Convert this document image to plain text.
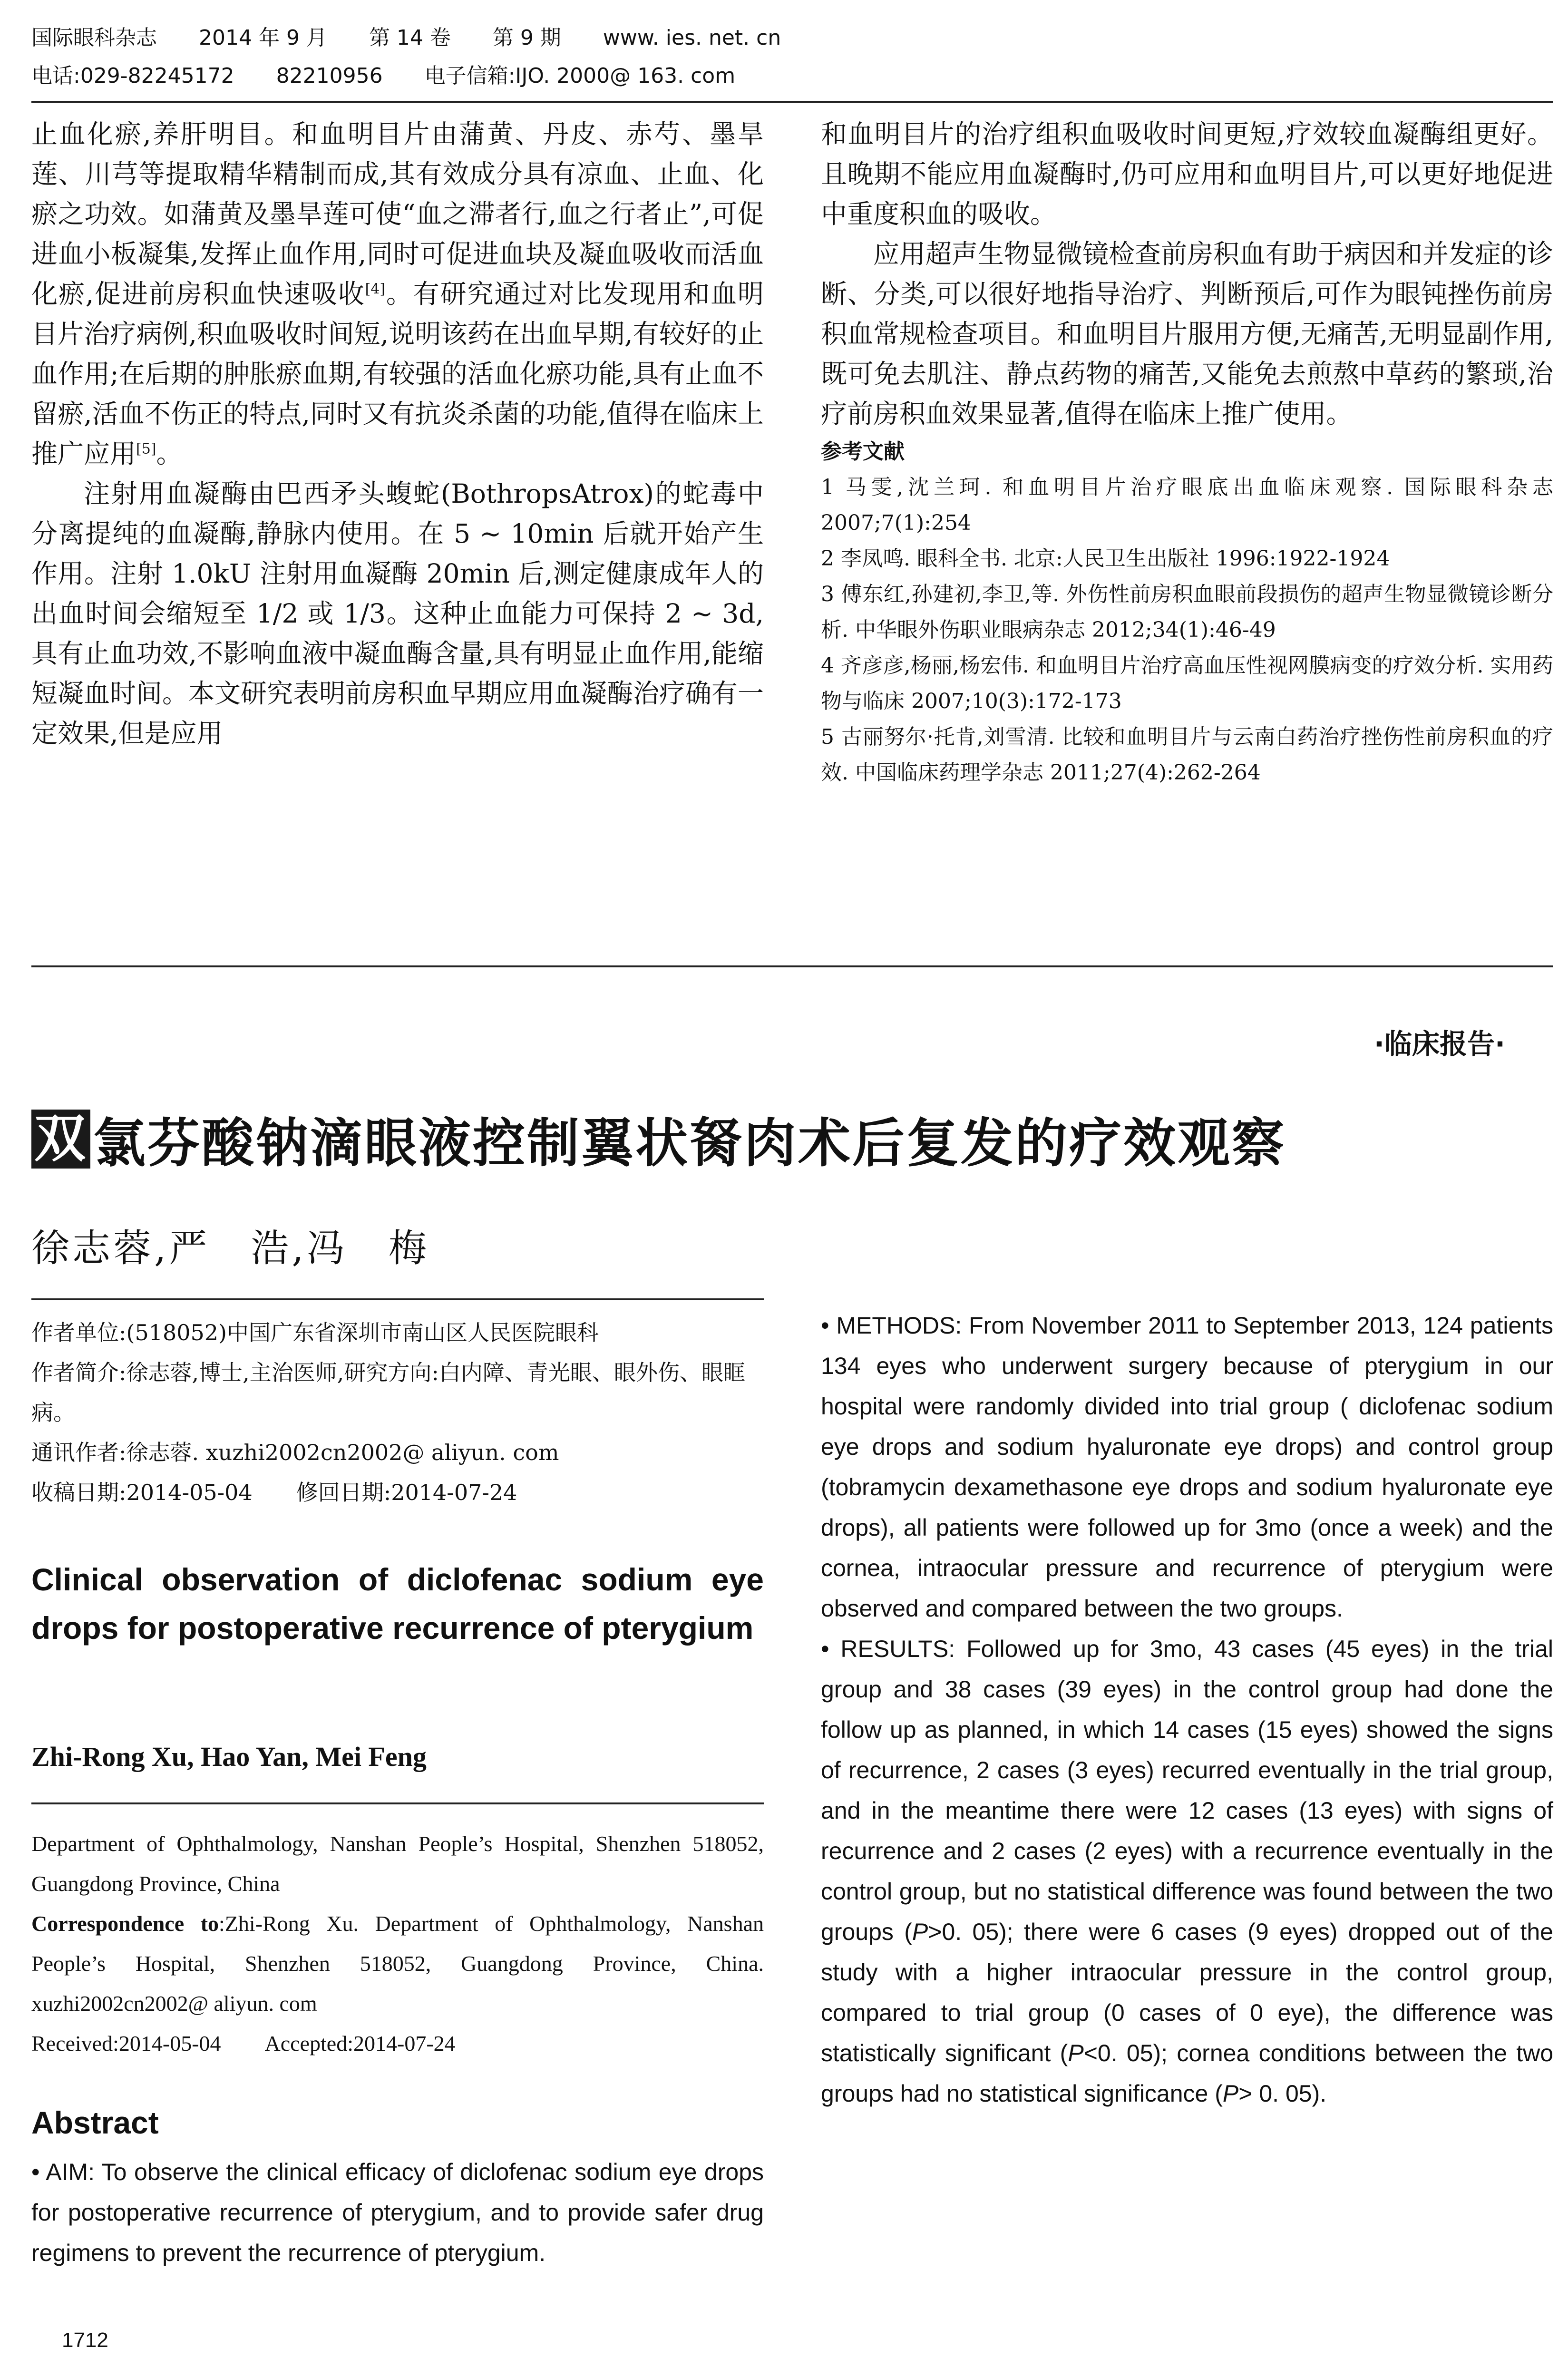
国际眼科杂志 2014 年 9 月 第 14 卷 第 9 期 www. ies. net. cn
电话:029-82245172 82210956 电子信箱:IJO. 2000@ 163. com

止血化瘀,养肝明目。和血明目片由蒲黄、丹皮、赤芍、墨旱莲、川芎等提取精华精制而成,其有效成分具有凉血、止血、化瘀之功效。如蒲黄及墨旱莲可使“血之滞者行,血之行者止”,可促进血小板凝集,发挥止血作用,同时可促进血块及凝血吸收而活血化瘀,促进前房积血快速吸收[4]。有研究通过对比发现用和血明目片治疗病例,积血吸收时间短,说明该药在出血早期,有较好的止血作用;在后期的肿胀瘀血期,有较强的活血化瘀功能,具有止血不留瘀,活血不伤正的特点,同时又有抗炎杀菌的功能,值得在临床上推广应用[5]。

注射用血凝酶由巴西矛头蝮蛇(BothropsAtrox)的蛇毒中分离提纯的血凝酶,静脉内使用。在 5 ~ 10min 后就开始产生作用。注射 1.0kU 注射用血凝酶 20min 后,测定健康成年人的出血时间会缩短至 1/2 或 1/3。这种止血能力可保持 2 ~ 3d,具有止血功效,不影响血液中凝血酶含量,具有明显止血作用,能缩短凝血时间。本文研究表明前房积血早期应用血凝酶治疗确有一定效果,但是应用

和血明目片的治疗组积血吸收时间更短,疗效较血凝酶组更好。且晚期不能应用血凝酶时,仍可应用和血明目片,可以更好地促进中重度积血的吸收。

应用超声生物显微镜检查前房积血有助于病因和并发症的诊断、分类,可以很好地指导治疗、判断预后,可作为眼钝挫伤前房积血常规检查项目。和血明目片服用方便,无痛苦,无明显副作用,既可免去肌注、静点药物的痛苦,又能免去煎熬中草药的繁琐,治疗前房积血效果显著,值得在临床上推广使用。

参考文献
1 马雯,沈兰珂. 和血明目片治疗眼底出血临床观察. 国际眼科杂志 2007;7(1):254
2 李凤鸣. 眼科全书. 北京:人民卫生出版社 1996:1922-1924
3 傅东红,孙建初,李卫,等. 外伤性前房积血眼前段损伤的超声生物显微镜诊断分析. 中华眼外伤职业眼病杂志 2012;34(1):46-49
4 齐彦彦,杨丽,杨宏伟. 和血明目片治疗高血压性视网膜病变的疗效分析. 实用药物与临床 2007;10(3):172-173
5 古丽努尔·托肯,刘雪清. 比较和血明目片与云南白药治疗挫伤性前房积血的疗效. 中国临床药理学杂志 2011;27(4):262-264
·临床报告·
双 氯芬酸钠滴眼液控制翼状胬肉术后复发的疗效观察
徐志蓉,严　浩,冯　梅

作者单位:(518052)中国广东省深圳市南山区人民医院眼科

作者简介:徐志蓉,博士,主治医师,研究方向:白内障、青光眼、眼外伤、眼眶病。

通讯作者:徐志蓉. xuzhi2002cn2002@ aliyun. com

收稿日期:2014-05-04　　修回日期:2014-07-24

Clinical observation of diclofenac sodium eye drops for postoperative recurrence of pterygium
Zhi-Rong Xu, Hao Yan, Mei Feng

Department of Ophthalmology, Nanshan People’s Hospital, Shenzhen 518052, Guangdong Province, China

Correspondence to:Zhi-Rong Xu. Department of Ophthalmology, Nanshan People’s Hospital, Shenzhen 518052, Guangdong Province, China. xuzhi2002cn2002@ aliyun. com

Received:2014-05-04　　Accepted:2014-07-24

Abstract

• AIM: To observe the clinical efficacy of diclofenac sodium eye drops for postoperative recurrence of pterygium, and to provide safer drug regimens to prevent the recurrence of pterygium.

• METHODS: From November 2011 to September 2013, 124 patients 134 eyes who underwent surgery because of pterygium in our hospital were randomly divided into trial group ( diclofenac sodium eye drops and sodium hyaluronate eye drops) and control group (tobramycin dexamethasone eye drops and sodium hyaluronate eye drops), all patients were followed up for 3mo (once a week) and the cornea, intraocular pressure and recurrence of pterygium were observed and compared between the two groups.

• RESULTS: Followed up for 3mo, 43 cases (45 eyes) in the trial group and 38 cases (39 eyes) in the control group had done the follow up as planned, in which 14 cases (15 eyes) showed the signs of recurrence, 2 cases (3 eyes) recurred eventually in the trial group, and in the meantime there were 12 cases (13 eyes) with signs of recurrence and 2 cases (2 eyes) with a recurrence eventually in the control group, but no statistical difference was found between the two groups (P>0. 05); there were 6 cases (9 eyes) dropped out of the study with a higher intraocular pressure in the control group, compared to trial group (0 cases of 0 eye), the difference was statistically significant (P<0. 05); cornea conditions between the two groups had no statistical significance (P> 0. 05).

1712
